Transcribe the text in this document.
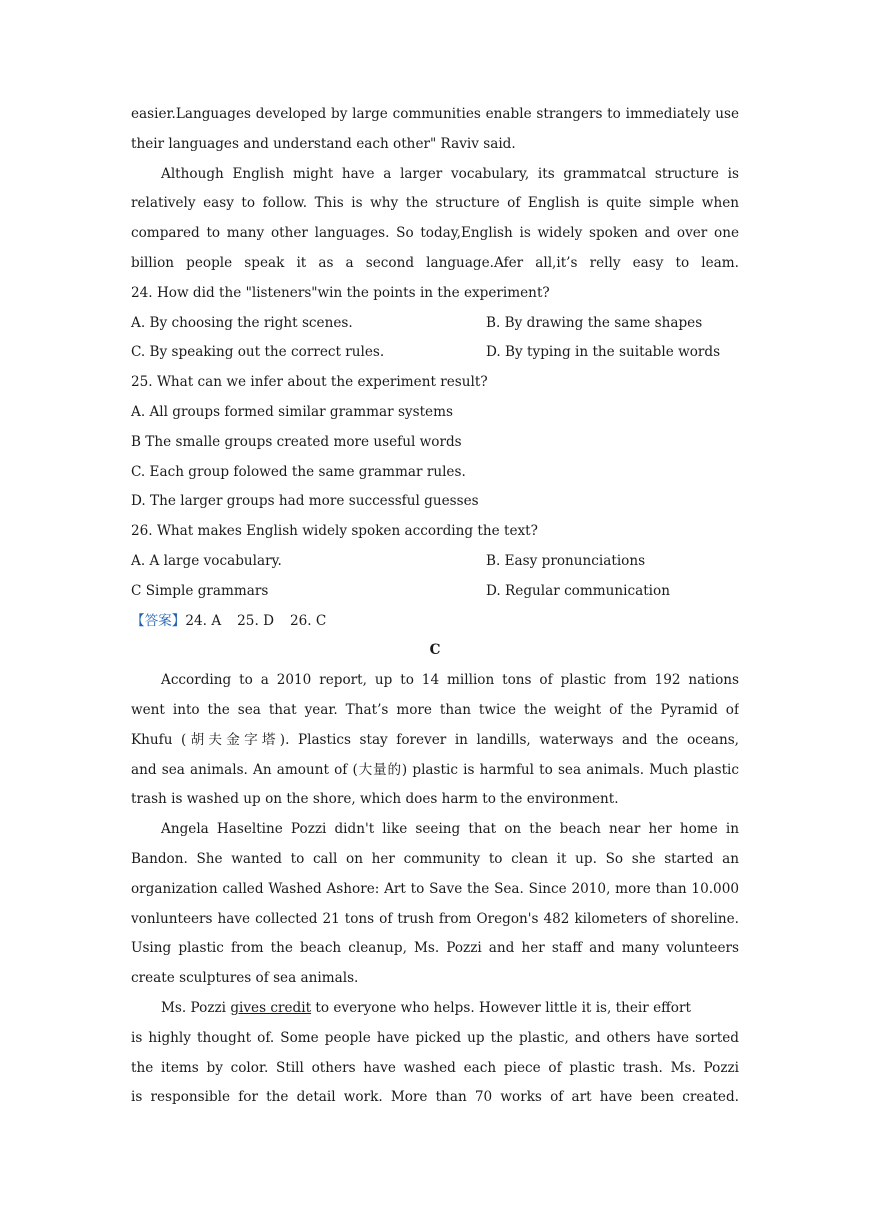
easier.Languages developed by large communities enable strangers to immediately use
their languages and understand each other" Raviv said.
Although English might have a larger vocabulary, its grammatcal structure is
relatively easy to follow. This is why the structure of English is quite simple when
compared to many other languages. So today,English is widely spoken and over one
billion people speak it as a second language.Afer all,it’s relly easy to leam.
24. How did the "listeners"win the points in the experiment?
A. By choosing the right scenes.	B. By drawing the same shapes
C. By speaking out the correct rules.	D. By typing in the suitable words
25. What can we infer about the experiment result?
A. All groups formed similar grammar systems
B The smalle groups created more useful words
C. Each group folowed the same grammar rules.
D. The larger groups had more successful guesses
26. What makes English widely spoken according the text?
A. A large vocabulary.	B. Easy pronunciations
C Simple grammars	D. Regular communication
【答案】24. A 25. D 26. C
C
According to a 2010 report, up to 14 million tons of plastic from 192 nations
went into the sea that year. That’s more than twice the weight of the Pyramid of
Khufu (胡夫金字塔). Plastics stay forever in landills, waterways and the oceans,
and sea animals. An amount of (大量的) plastic is harmful to sea animals. Much plastic
trash is washed up on the shore, which does harm to the environment.
Angela Haseltine Pozzi didn't like seeing that on the beach near her home in
Bandon. She wanted to call on her community to clean it up. So she started an
organization called Washed Ashore: Art to Save the Sea. Since 2010, more than 10.000
vonlunteers have collected 21 tons of trush from Oregon's 482 kilometers of shoreline.
Using plastic from the beach cleanup, Ms. Pozzi and her staff and many volunteers
create sculptures of sea animals.
Ms. Pozzi gives credit to everyone who helps. However little it is, their effort
is highly thought of. Some people have picked up the plastic, and others have sorted
the items by color. Still others have washed each piece of plastic trash. Ms. Pozzi
is responsible for the detail work. More than 70 works of art have been created.
